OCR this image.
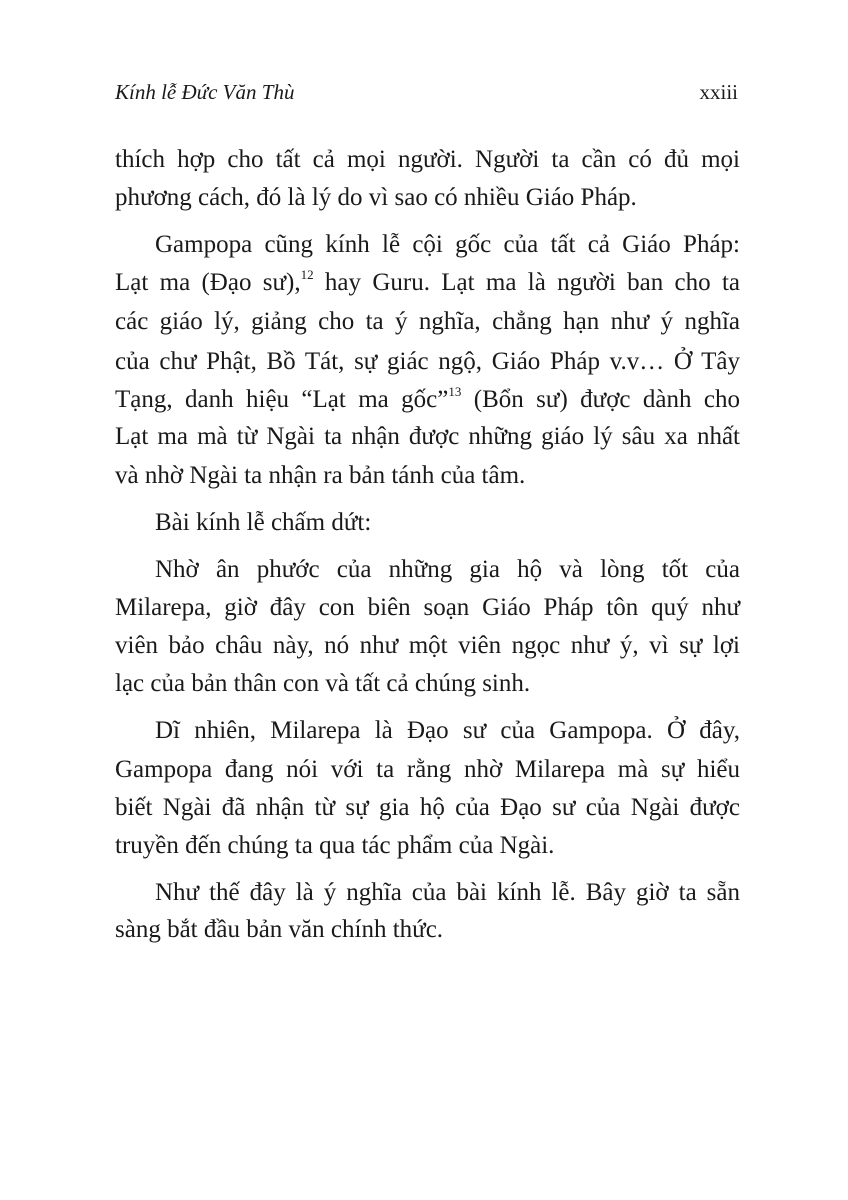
Kính lễ Đức Văn Thù	xxiii
thích hợp cho tất cả mọi người. Người ta cần có đủ mọi
phương cách, đó là lý do vì sao có nhiều Giáo Pháp.
Gampopa cũng kính lễ cội gốc của tất cả Giáo Pháp:
Lạt ma (Đạo sư),$^{12}$ hay Guru. Lạt ma là người ban cho ta
các giáo lý, giảng cho ta ý nghĩa, chẳng hạn như ý nghĩa
của chư Phật, Bồ Tát, sự giác ngộ, Giáo Pháp v.v… Ở Tây
Tạng, danh hiệu “Lạt ma gốc”$^{13}$ (Bổn sư) được dành cho
Lạt ma mà từ Ngài ta nhận được những giáo lý sâu xa nhất
và nhờ Ngài ta nhận ra bản tánh của tâm.
Bài kính lễ chấm dứt:
Nhờ ân phước của những gia hộ và lòng tốt của
Milarepa, giờ đây con biên soạn Giáo Pháp tôn quý như
viên bảo châu này, nó như một viên ngọc như ý, vì sự lợi
lạc của bản thân con và tất cả chúng sinh.
Dĩ nhiên, Milarepa là Đạo sư của Gampopa. Ở đây,
Gampopa đang nói với ta rằng nhờ Milarepa mà sự hiểu
biết Ngài đã nhận từ sự gia hộ của Đạo sư của Ngài được
truyền đến chúng ta qua tác phẩm của Ngài.
Như thế đây là ý nghĩa của bài kính lễ. Bây giờ ta sẵn
sàng bắt đầu bản văn chính thức.
